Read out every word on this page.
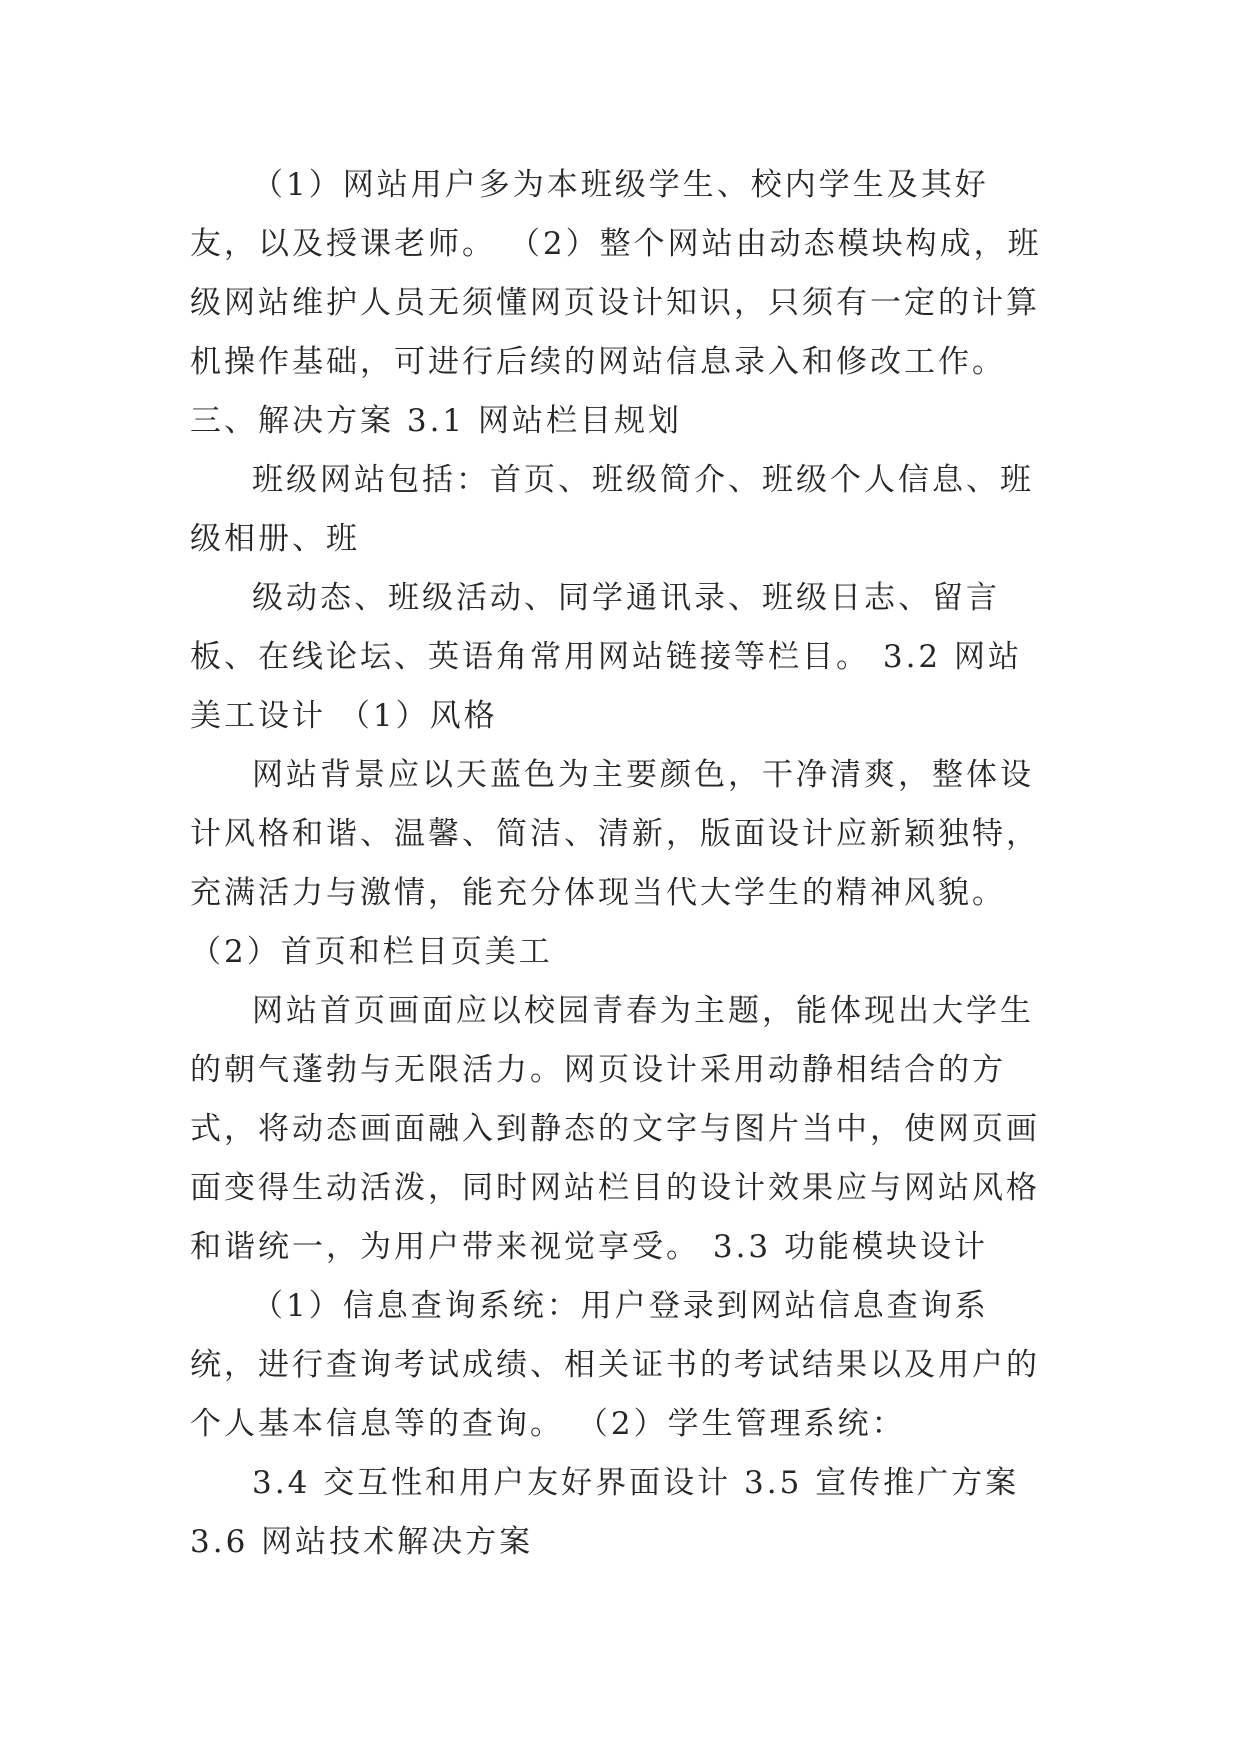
（1）网站用户多为本班级学生、校内学生及其好友，以及授课老师。 （2）整个网站由动态模块构成，班级网站维护人员无须懂网页设计知识，只须有一定的计算机操作基础，可进行后续的网站信息录入和修改工作。 三、解决方案 3.1 网站栏目规划

班级网站包括：首页、班级简介、班级个人信息、班级相册、班

级动态、班级活动、同学通讯录、班级日志、留言板、在线论坛、英语角常用网站链接等栏目。 3.2 网站美工设计 （1）风格

网站背景应以天蓝色为主要颜色，干净清爽，整体设计风格和谐、温馨、简洁、清新，版面设计应新颖独特，充满活力与激情，能充分体现当代大学生的精神风貌。 （2）首页和栏目页美工

网站首页画面应以校园青春为主题，能体现出大学生的朝气蓬勃与无限活力。网页设计采用动静相结合的方式，将动态画面融入到静态的文字与图片当中，使网页画面变得生动活泼，同时网站栏目的设计效果应与网站风格和谐统一，为用户带来视觉享受。 3.3 功能模块设计

（1）信息查询系统：用户登录到网站信息查询系统，进行查询考试成绩、相关证书的考试结果以及用户的个人基本信息等的查询。 （2）学生管理系统：

3.4 交互性和用户友好界面设计 3.5 宣传推广方案 3.6 网站技术解决方案
